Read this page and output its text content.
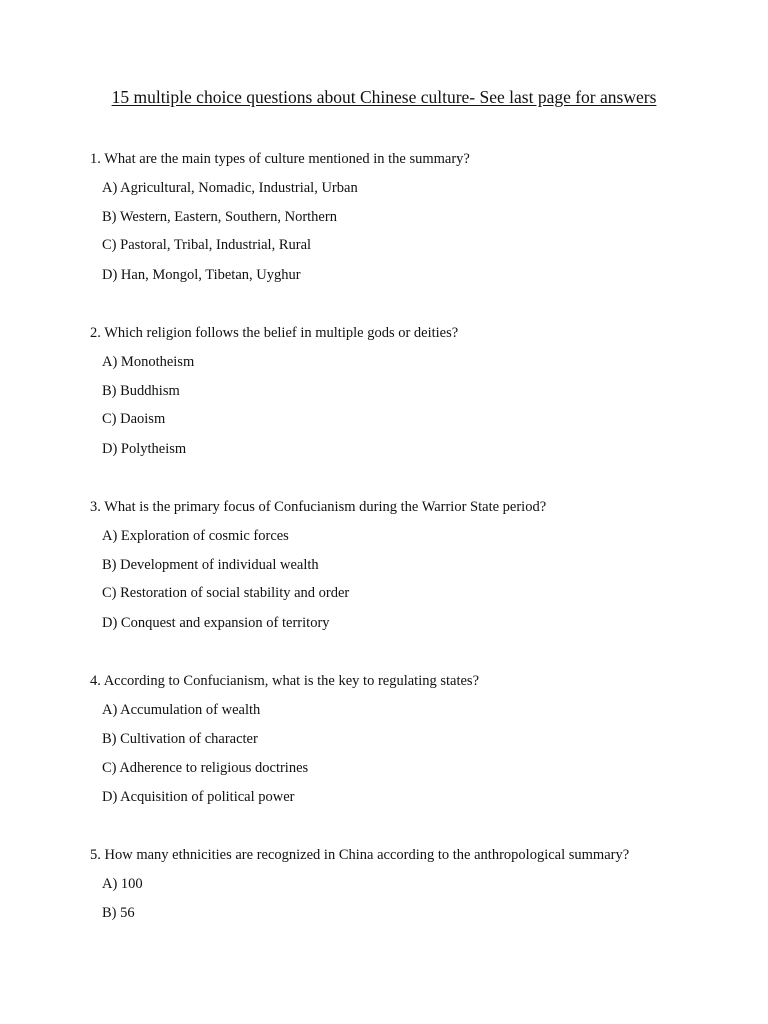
15 multiple choice questions about Chinese culture- See last page for answers
1. What are the main types of culture mentioned in the summary?
A) Agricultural, Nomadic, Industrial, Urban
B) Western, Eastern, Southern, Northern
C) Pastoral, Tribal, Industrial, Rural
D) Han, Mongol, Tibetan, Uyghur
2. Which religion follows the belief in multiple gods or deities?
A) Monotheism
B) Buddhism
C) Daoism
D) Polytheism
3. What is the primary focus of Confucianism during the Warrior State period?
A) Exploration of cosmic forces
B) Development of individual wealth
C) Restoration of social stability and order
D) Conquest and expansion of territory
4. According to Confucianism, what is the key to regulating states?
A) Accumulation of wealth
B) Cultivation of character
C) Adherence to religious doctrines
D) Acquisition of political power
5. How many ethnicities are recognized in China according to the anthropological summary?
A) 100
B) 56
